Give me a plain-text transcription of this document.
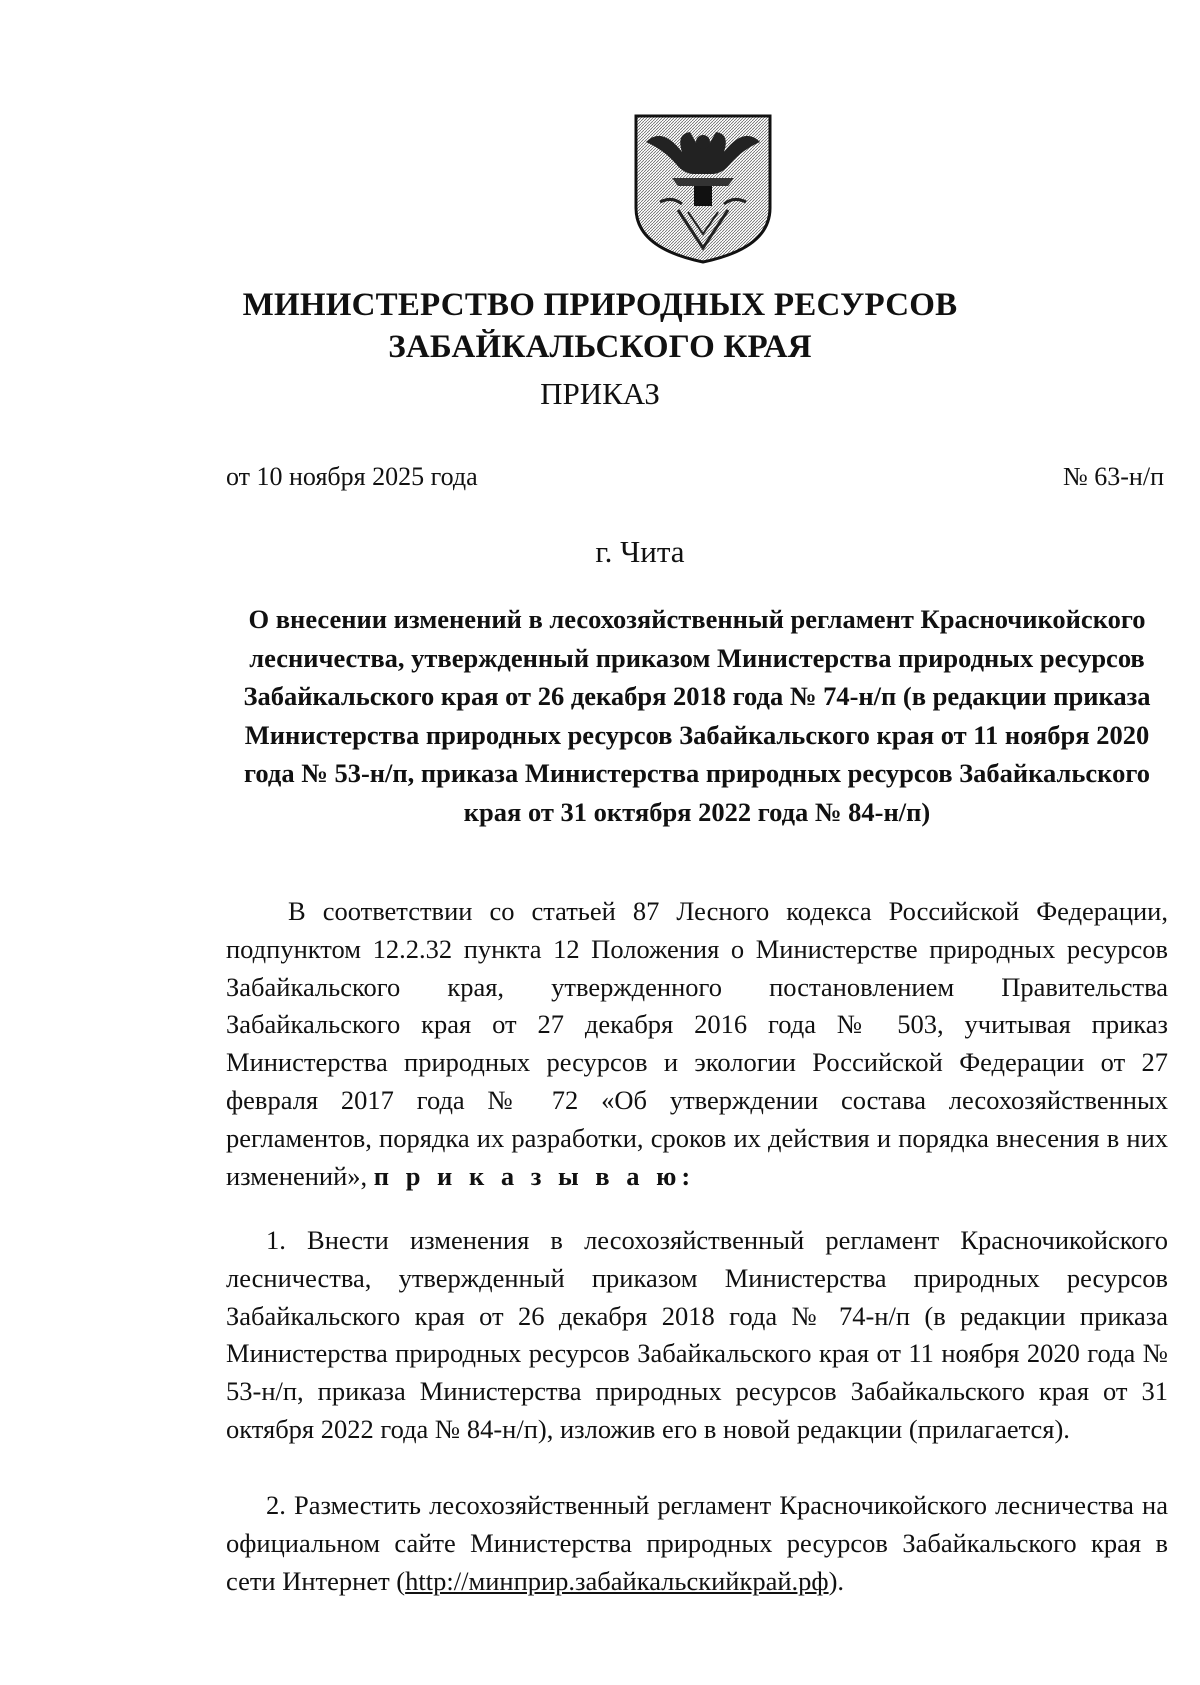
МИНИСТЕРСТВО ПРИРОДНЫХ РЕСУРСОВ
ЗАБАЙКАЛЬСКОГО КРАЯ
ПРИКАЗ
от 10 ноября 2025 года	№ 63-н/п
г. Чита
О внесении изменений в лесохозяйственный регламент Красночикойского лесничества, утвержденный приказом Министерства природных ресурсов Забайкальского края от 26 декабря 2018 года № 74-н/п (в редакции приказа Министерства природных ресурсов Забайкальского края от 11 ноября 2020 года № 53-н/п, приказа Министерства природных ресурсов Забайкальского края от 31 октября 2022 года № 84-н/п)
В соответствии со статьей 87 Лесного кодекса Российской Федерации, подпунктом 12.2.32 пункта 12 Положения о Министерстве природных ресурсов Забайкальского края, утвержденного постановлением Правительства Забайкальского края от 27 декабря 2016 года № 503, учитывая приказ Министерства природных ресурсов и экологии Российской Федерации от 27 февраля 2017 года № 72 «Об утверждении состава лесохозяйственных регламентов, порядка их разработки, сроков их действия и порядка внесения в них изменений», п р и к а з ы в а ю:
1. Внести изменения в лесохозяйственный регламент Красночикойского лесничества, утвержденный приказом Министерства природных ресурсов Забайкальского края от 26 декабря 2018 года № 74-н/п (в редакции приказа Министерства природных ресурсов Забайкальского края от 11 ноября 2020 года № 53-н/п, приказа Министерства природных ресурсов Забайкальского края от 31 октября 2022 года № 84-н/п), изложив его в новой редакции (прилагается).
2. Разместить лесохозяйственный регламент Красночикойского лесничества на официальном сайте Министерства природных ресурсов Забайкальского края в сети Интернет (http://минприр.забайкальскийкрай.рф).
